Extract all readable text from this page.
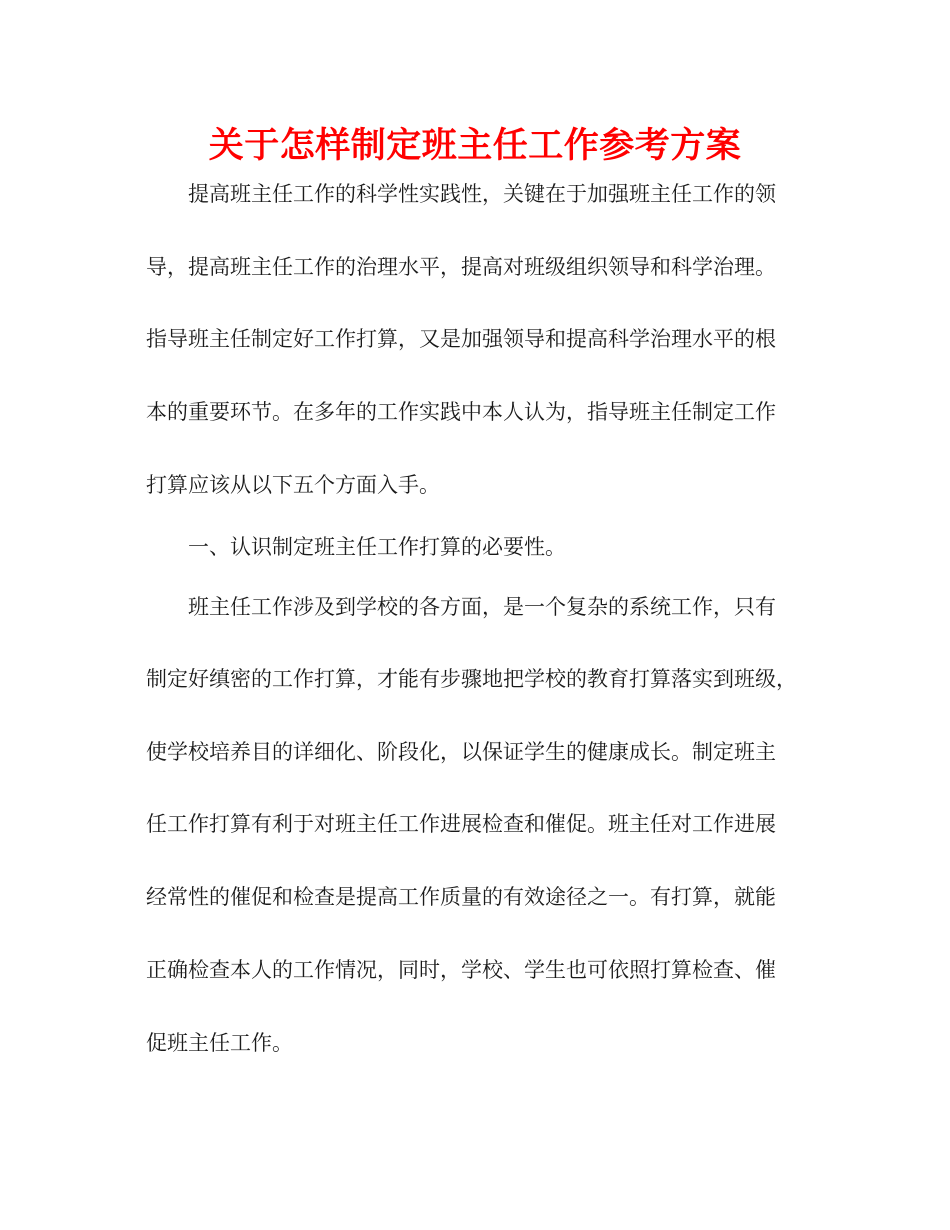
关于怎样制定班主任工作参考方案
提高班主任工作的科学性实践性，关键在于加强班主任工作的领
导，提高班主任工作的治理水平，提高对班级组织领导和科学治理。
指导班主任制定好工作打算，又是加强领导和提高科学治理水平的根
本的重要环节。在多年的工作实践中本人认为，指导班主任制定工作
打算应该从以下五个方面入手。
一、认识制定班主任工作打算的必要性。
班主任工作涉及到学校的各方面，是一个复杂的系统工作，只有
制定好缜密的工作打算，才能有步骤地把学校的教育打算落实到班级，
使学校培养目的详细化、阶段化，以保证学生的健康成长。制定班主
任工作打算有利于对班主任工作进展检查和催促。班主任对工作进展
经常性的催促和检查是提高工作质量的有效途径之一。有打算，就能
正确检查本人的工作情况，同时，学校、学生也可依照打算检查、催
促班主任工作。
